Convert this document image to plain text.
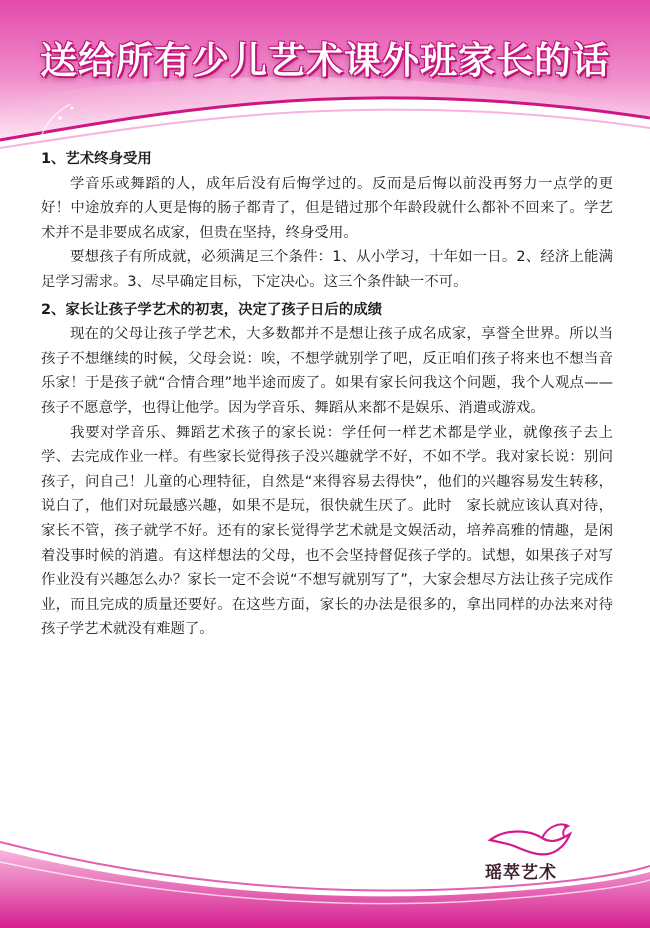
送给所有少儿艺术课外班家长的话

1、艺术终身受用

学音乐或舞蹈的人，成年后没有后悔学过的。反而是后悔以前没再努力一点学的更好！中途放弃的人更是悔的肠子都青了，但是错过那个年龄段就什么都补不回来了。学艺术并不是非要成名成家，但贵在坚持，终身受用。

要想孩子有所成就，必须满足三个条件：1、从小学习，十年如一日。2、经济上能满足学习需求。3、尽早确定目标，下定决心。这三个条件缺一不可。

2、家长让孩子学艺术的初衷，决定了孩子日后的成绩

现在的父母让孩子学艺术，大多数都并不是想让孩子成名成家，享誉全世界。所以当孩子不想继续的时候，父母会说：唉，不想学就别学了吧，反正咱们孩子将来也不想当音乐家！于是孩子就“合情合理”地半途而废了。如果有家长问我这个问题，我个人观点——孩子不愿意学，也得让他学。因为学音乐、舞蹈从来都不是娱乐、消遣或游戏。

我要对学音乐、舞蹈艺术孩子的家长说：学任何一样艺术都是学业，就像孩子去上学、去完成作业一样。有些家长觉得孩子没兴趣就学不好，不如不学。我对家长说：别问孩子，问自己！儿童的心理特征，自然是“来得容易去得快”，他们的兴趣容易发生转移，说白了，他们对玩最感兴趣，如果不是玩，很快就生厌了。此时　家长就应该认真对待，家长不管，孩子就学不好。还有的家长觉得学艺术就是文娱活动，培养高雅的情趣，是闲着没事时候的消遣。有这样想法的父母，也不会坚持督促孩子学的。试想，如果孩子对写作业没有兴趣怎么办？家长一定不会说“不想写就别写了”，大家会想尽方法让孩子完成作业，而且完成的质量还要好。在这些方面，家长的办法是很多的，拿出同样的办法来对待孩子学艺术就没有难题了。

瑶萃艺术
